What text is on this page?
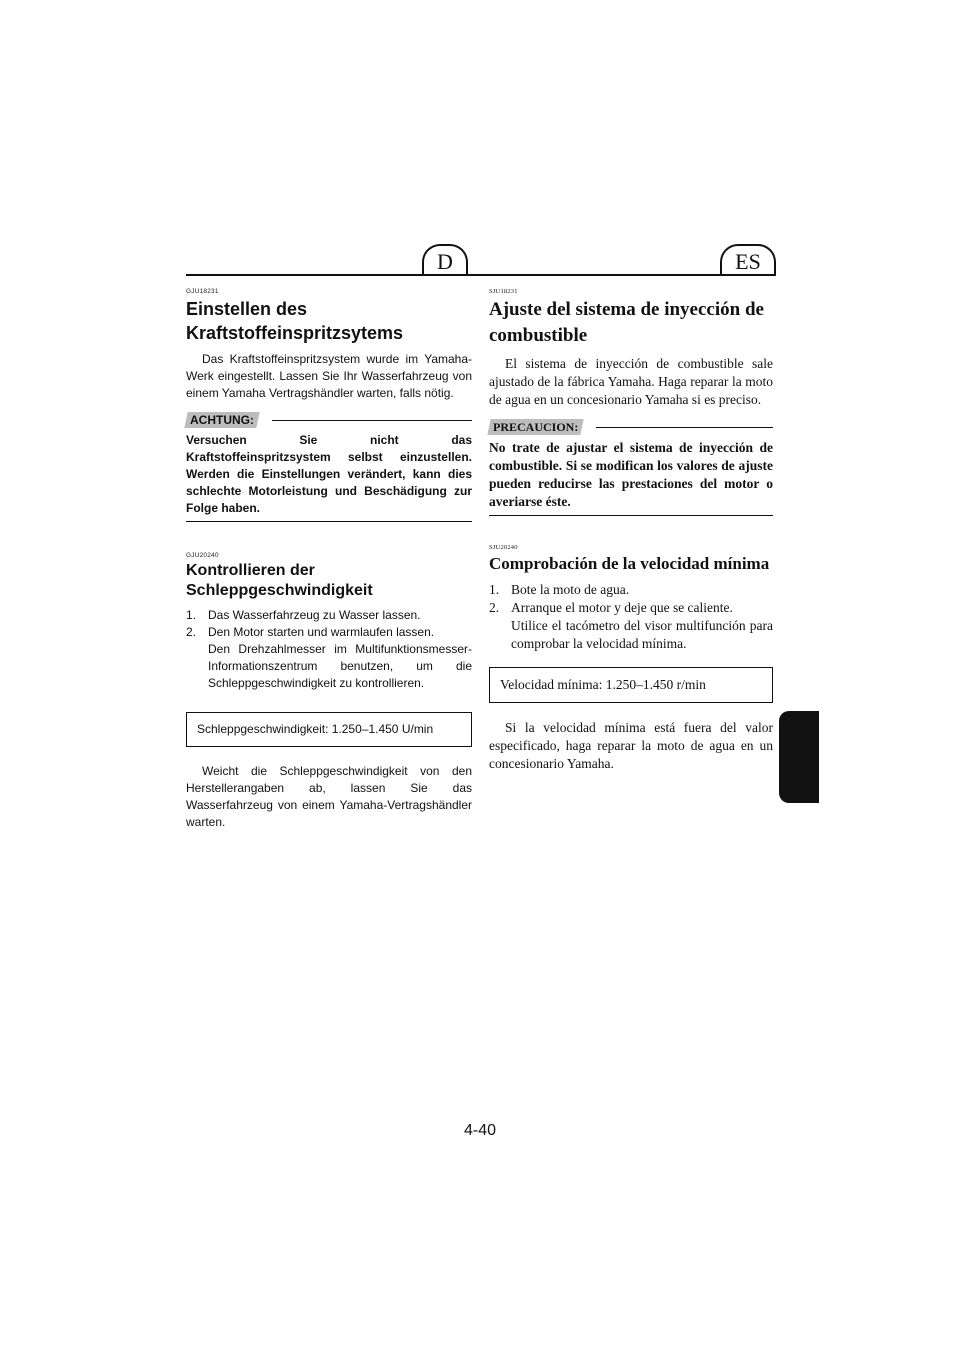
D	ES
GJU18231
Einstellen des Kraftstoffeinspritzsytems

Das Kraftstoffeinspritzsystem wurde im Yamaha-Werk eingestellt. Lassen Sie Ihr Wasserfahrzeug von einem Yamaha Vertragshändler warten, falls nötig.

ACHTUNG:

Versuchen Sie nicht das Kraftstoffeinspritzsystem selbst einzustellen. Werden die Einstellungen verändert, kann dies schlechte Motorleistung und Beschädigung zur Folge haben.

GJU20240
Kontrollieren der Schleppgeschwindigkeit
1. Das Wasserfahrzeug zu Wasser lassen.
2. Den Motor starten und warmlaufen lassen.
Den Drehzahlmesser im Multifunktionsmesser-Informationszentrum benutzen, um die Schleppgeschwindigkeit zu kontrollieren.
Schleppgeschwindigkeit: 1.250–1.450 U/min

Weicht die Schleppgeschwindigkeit von den Herstellerangaben ab, lassen Sie das Wasserfahrzeug von einem Yamaha-Vertragshändler warten.

SJU18231
Ajuste del sistema de inyección de combustible

El sistema de inyección de combustible sale ajustado de la fábrica Yamaha. Haga reparar la moto de agua en un concesionario Yamaha si es preciso.

PRECAUCION:

No trate de ajustar el sistema de inyección de combustible. Si se modifican los valores de ajuste pueden reducirse las prestaciones del motor o averiarse éste.

SJU20240
Comprobación de la velocidad mínima
1. Bote la moto de agua.
2. Arranque el motor y deje que se caliente.
Utilice el tacómetro del visor multifunción para comprobar la velocidad mínima.
Velocidad mínima: 1.250–1.450 r/min

Si la velocidad mínima está fuera del valor especificado, haga reparar la moto de agua en un concesionario Yamaha.

4-40
